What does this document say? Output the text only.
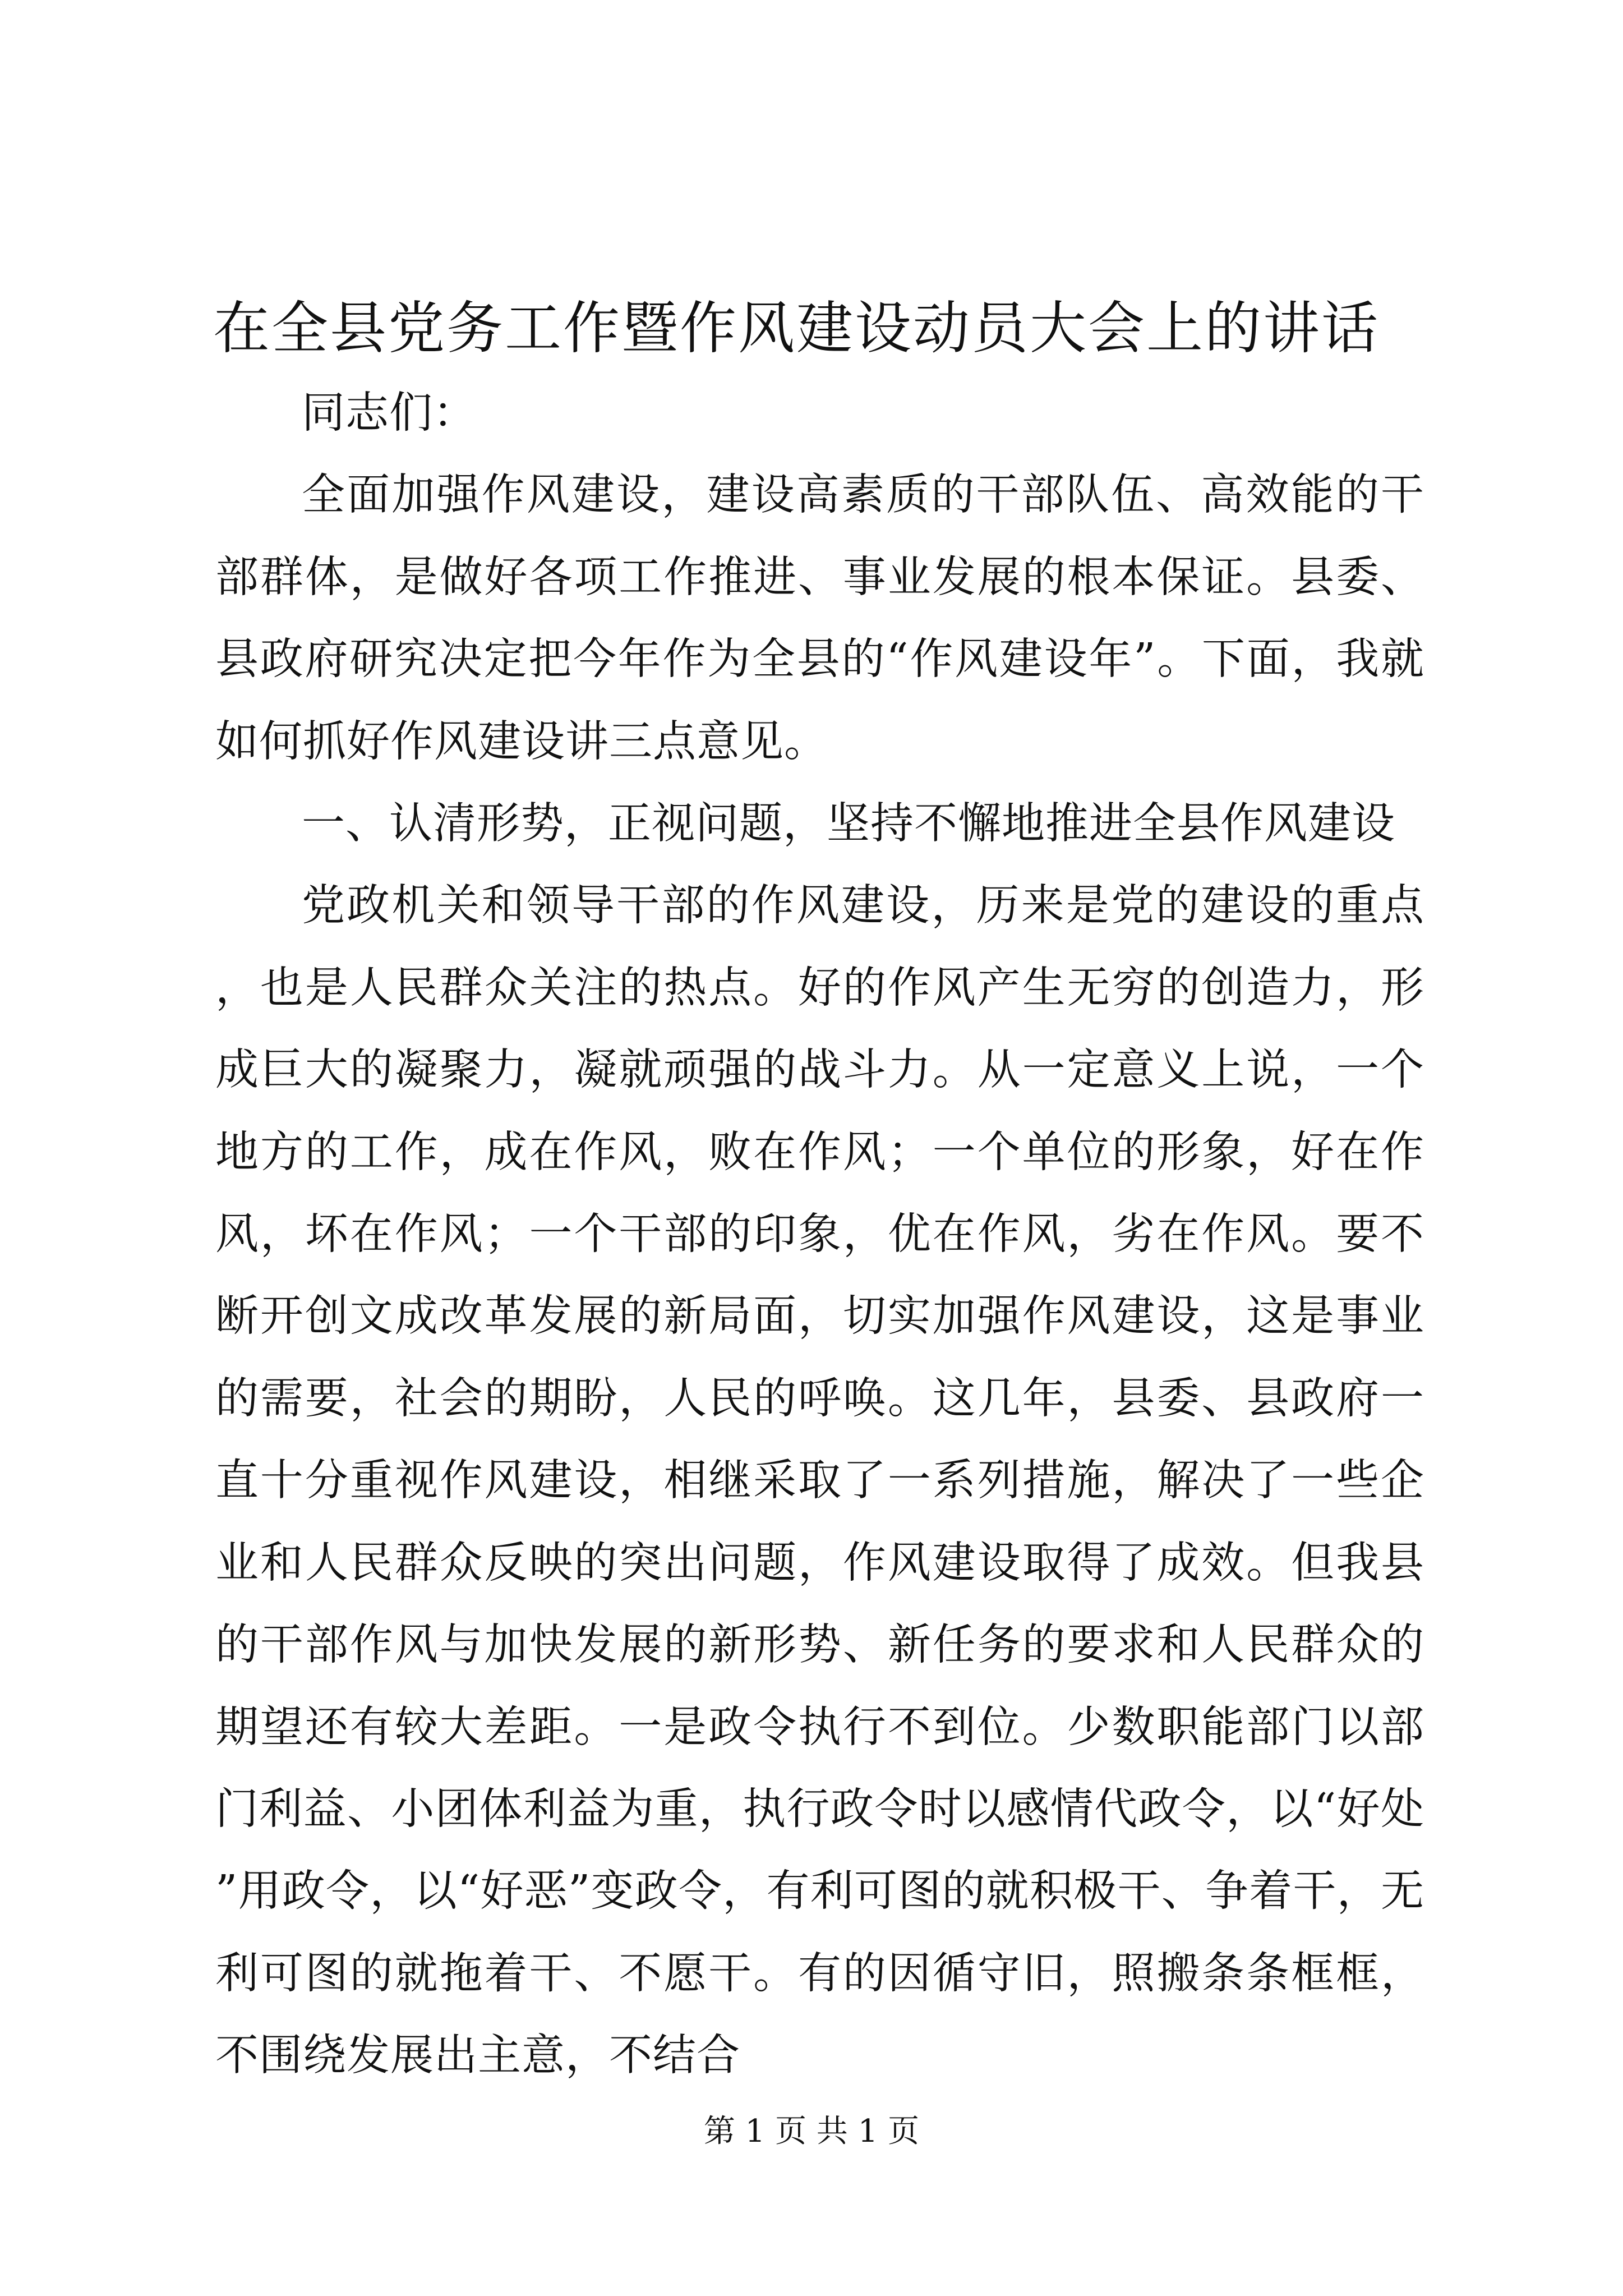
在全县党务工作暨作风建设动员大会上的讲话

同志们：

全面加强作风建设，建设高素质的干部队伍、高效能的干部群体，是做好各项工作推进、事业发展的根本保证。县委、县政府研究决定把今年作为全县的“作风建设年”。下面，我就如何抓好作风建设讲三点意见。

一、认清形势，正视问题，坚持不懈地推进全县作风建设

党政机关和领导干部的作风建设，历来是党的建设的重点，也是人民群众关注的热点。好的作风产生无穷的创造力，形成巨大的凝聚力，凝就顽强的战斗力。从一定意义上说，一个地方的工作，成在作风，败在作风；一个单位的形象，好在作风，坏在作风；一个干部的印象，优在作风，劣在作风。要不断开创文成改革发展的新局面，切实加强作风建设，这是事业的需要，社会的期盼，人民的呼唤。这几年，县委、县政府一直十分重视作风建设，相继采取了一系列措施，解决了一些企业和人民群众反映的突出问题，作风建设取得了成效。但我县的干部作风与加快发展的新形势、新任务的要求和人民群众的期望还有较大差距。一是政令执行不到位。少数职能部门以部门利益、小团体利益为重，执行政令时以感情代政令，以“好处”用政令，以“好恶”变政令，有利可图的就积极干、争着干，无利可图的就拖着干、不愿干。有的因循守旧，照搬条条框框，不围绕发展出主意，不结合

第 1 页 共 1 页
